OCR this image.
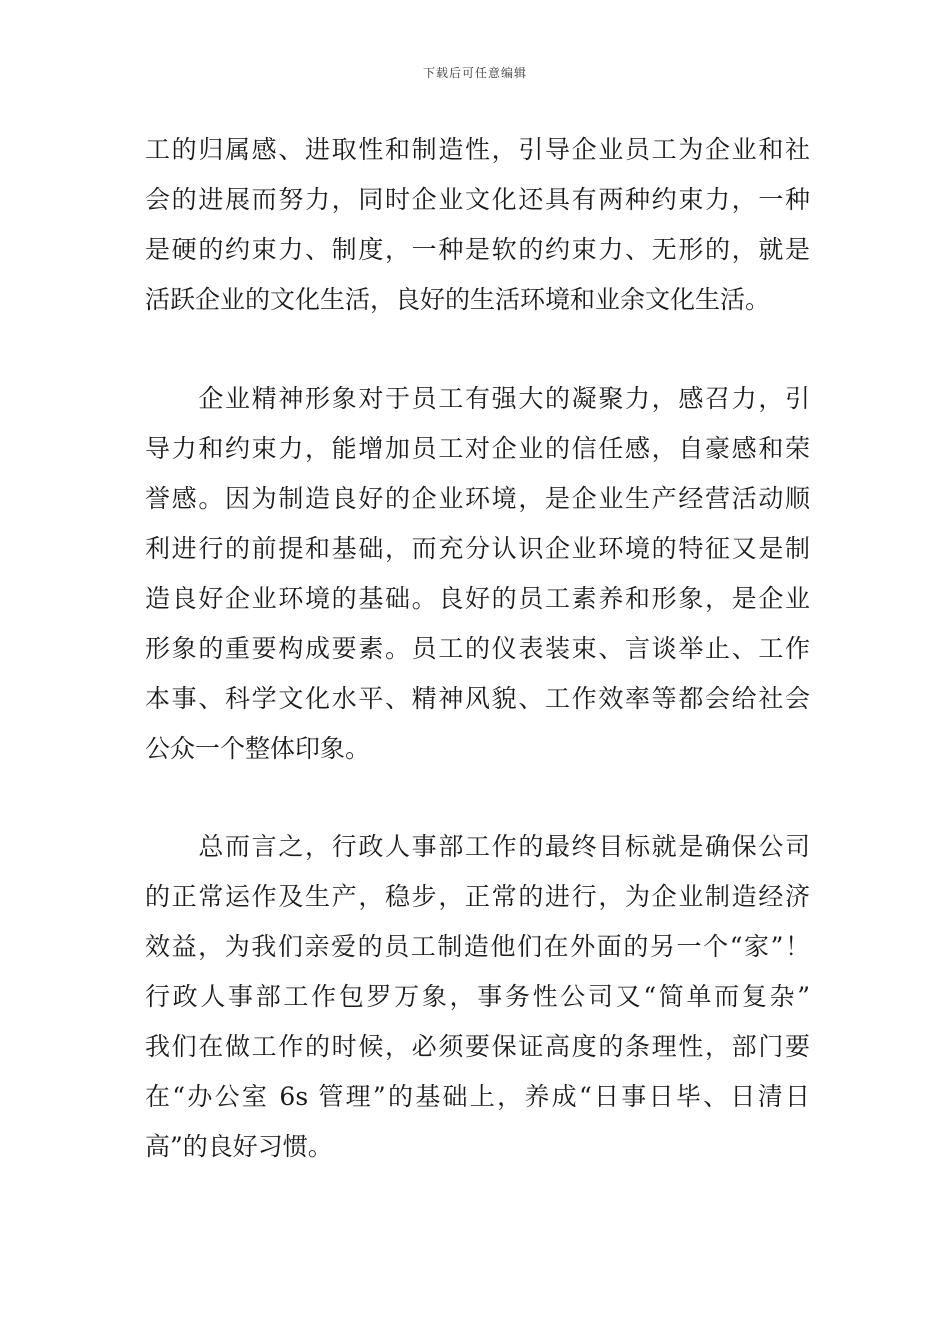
下载后可任意编辑
工的归属感、进取性和制造性，引导企业员工为企业和社
会的进展而努力，同时企业文化还具有两种约束力，一种
是硬的约束力、制度，一种是软的约束力、无形的，就是
活跃企业的文化生活，良好的生活环境和业余文化生活。
　　企业精神形象对于员工有强大的凝聚力，感召力，引
导力和约束力，能增加员工对企业的信任感，自豪感和荣
誉感。因为制造良好的企业环境，是企业生产经营活动顺
利进行的前提和基础，而充分认识企业环境的特征又是制
造良好企业环境的基础。良好的员工素养和形象，是企业
形象的重要构成要素。员工的仪表装束、言谈举止、工作
本事、科学文化水平、精神风貌、工作效率等都会给社会
公众一个整体印象。
　　总而言之，行政人事部工作的最终目标就是确保公司
的正常运作及生产，稳步，正常的进行，为企业制造经济
效益，为我们亲爱的员工制造他们在外面的另一个“家”！
行政人事部工作包罗万象，事务性公司又“简单而复杂”
我们在做工作的时候，必须要保证高度的条理性，部门要
在“办公室 6s 管理”的基础上，养成“日事日毕、日清日
高”的良好习惯。
